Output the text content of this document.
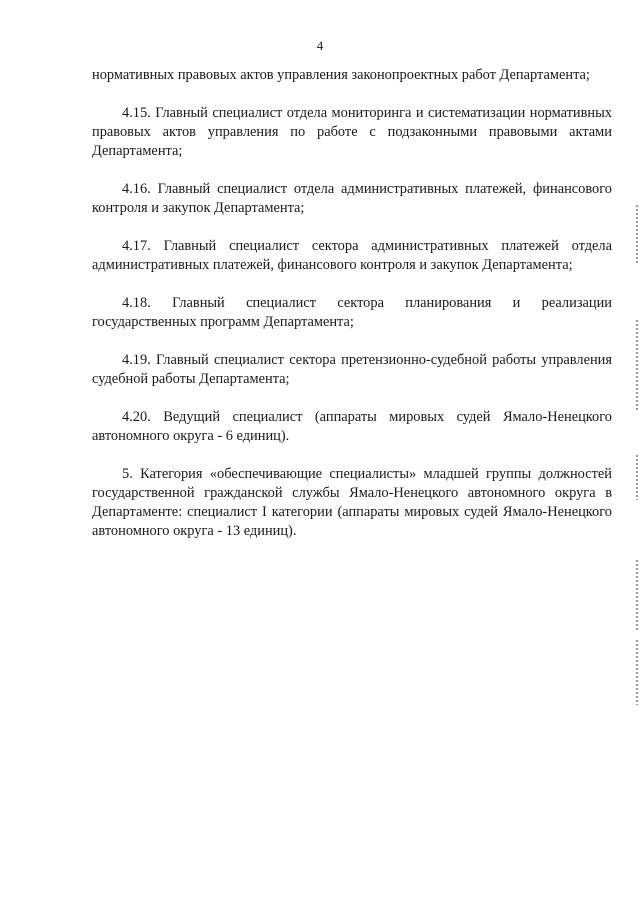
4

нормативных правовых актов управления законопроектных работ Департамента;

4.15. Главный специалист отдела мониторинга и систематизации нормативных правовых актов управления по работе с подзаконными правовыми актами Департамента;

4.16. Главный специалист отдела административных платежей, финансового контроля и закупок Департамента;

4.17. Главный специалист сектора административных платежей отдела административных платежей, финансового контроля и закупок Департамента;

4.18. Главный специалист сектора планирования и реализации государственных программ Департамента;

4.19. Главный специалист сектора претензионно-судебной работы управления судебной работы Департамента;

4.20. Ведущий специалист (аппараты мировых судей Ямало-Ненецкого автономного округа - 6 единиц).

5. Категория «обеспечивающие специалисты» младшей группы должностей государственной гражданской службы Ямало-Ненецкого автономного округа в Департаменте: специалист I категории (аппараты мировых судей Ямало-Ненецкого автономного округа - 13 единиц).
